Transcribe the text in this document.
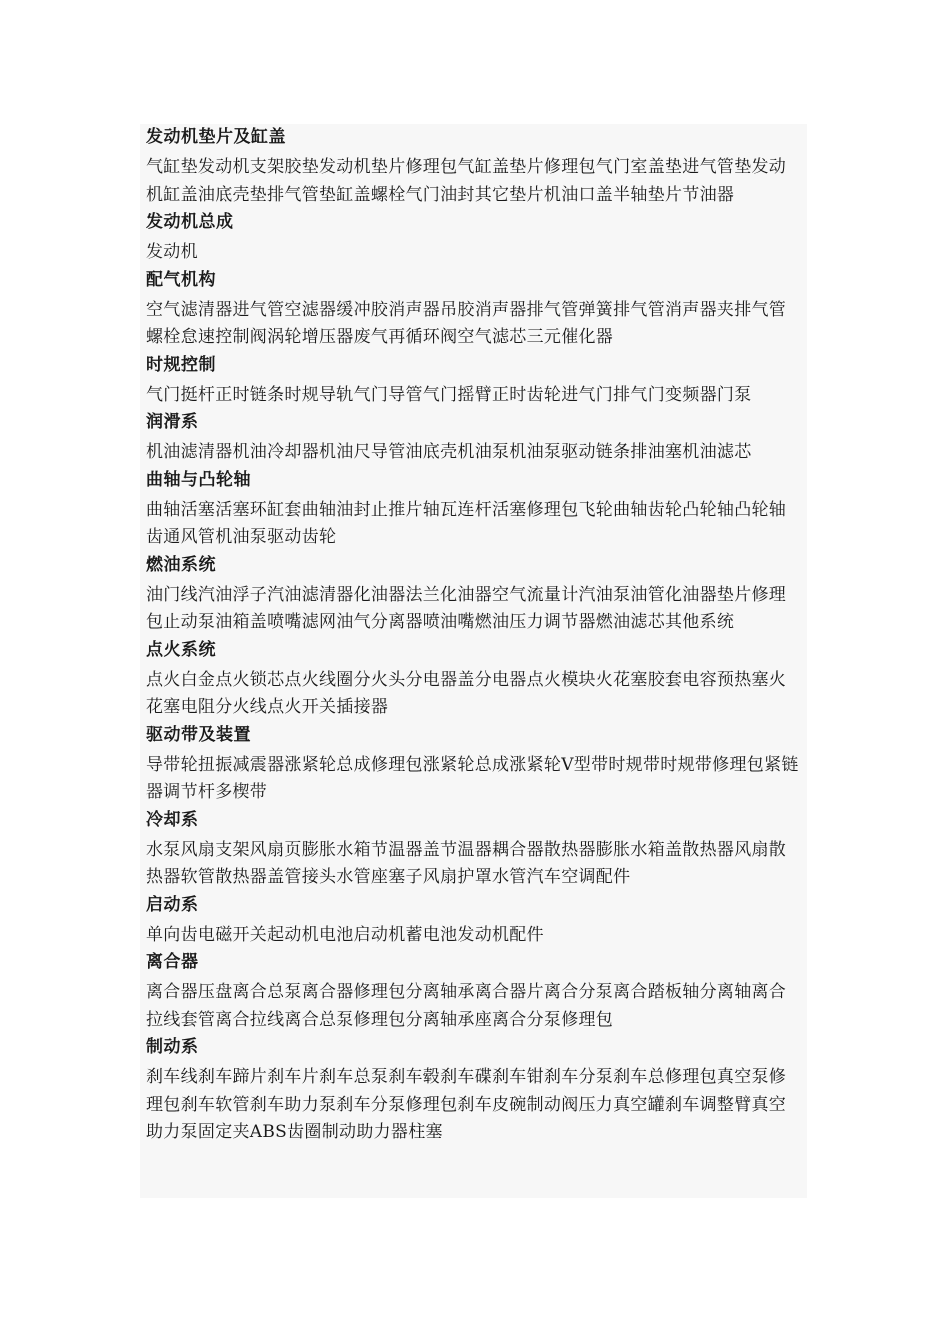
发动机垫片及缸盖

气缸垫发动机支架胶垫发动机垫片修理包气缸盖垫片修理包气门室盖垫进气管垫发动机缸盖油底壳垫排气管垫缸盖螺栓气门油封其它垫片机油口盖半轴垫片节油器

发动机总成

发动机

配气机构

空气滤清器进气管空滤器缓冲胶消声器吊胶消声器排气管弹簧排气管消声器夹排气管螺栓怠速控制阀涡轮增压器废气再循环阀空气滤芯三元催化器

时规控制

气门挺杆正时链条时规导轨气门导管气门摇臂正时齿轮进气门排气门变频器门泵

润滑系

机油滤清器机油冷却器机油尺导管油底壳机油泵机油泵驱动链条排油塞机油滤芯

曲轴与凸轮轴

曲轴活塞活塞环缸套曲轴油封止推片轴瓦连杆活塞修理包飞轮曲轴齿轮凸轮轴凸轮轴齿通风管机油泵驱动齿轮

燃油系统

油门线汽油浮子汽油滤清器化油器法兰化油器空气流量计汽油泵油管化油器垫片修理包止动泵油箱盖喷嘴滤网油气分离器喷油嘴燃油压力调节器燃油滤芯其他系统

点火系统

点火白金点火锁芯点火线圈分火头分电器盖分电器点火模块火花塞胶套电容预热塞火花塞电阻分火线点火开关插接器

驱动带及装置

导带轮扭振减震器涨紧轮总成修理包涨紧轮总成涨紧轮V型带时规带时规带修理包紧链器调节杆多楔带

冷却系

水泵风扇支架风扇页膨胀水箱节温器盖节温器耦合器散热器膨胀水箱盖散热器风扇散热器软管散热器盖管接头水管座塞子风扇护罩水管汽车空调配件

启动系

单向齿电磁开关起动机电池启动机蓄电池发动机配件

离合器

离合器压盘离合总泵离合器修理包分离轴承离合器片离合分泵离合踏板轴分离轴离合拉线套管离合拉线离合总泵修理包分离轴承座离合分泵修理包

制动系

刹车线刹车蹄片刹车片刹车总泵刹车毂刹车碟刹车钳刹车分泵刹车总修理包真空泵修理包刹车软管刹车助力泵刹车分泵修理包刹车皮碗制动阀压力真空罐刹车调整臂真空助力泵固定夹ABS齿圈制动助力器柱塞
